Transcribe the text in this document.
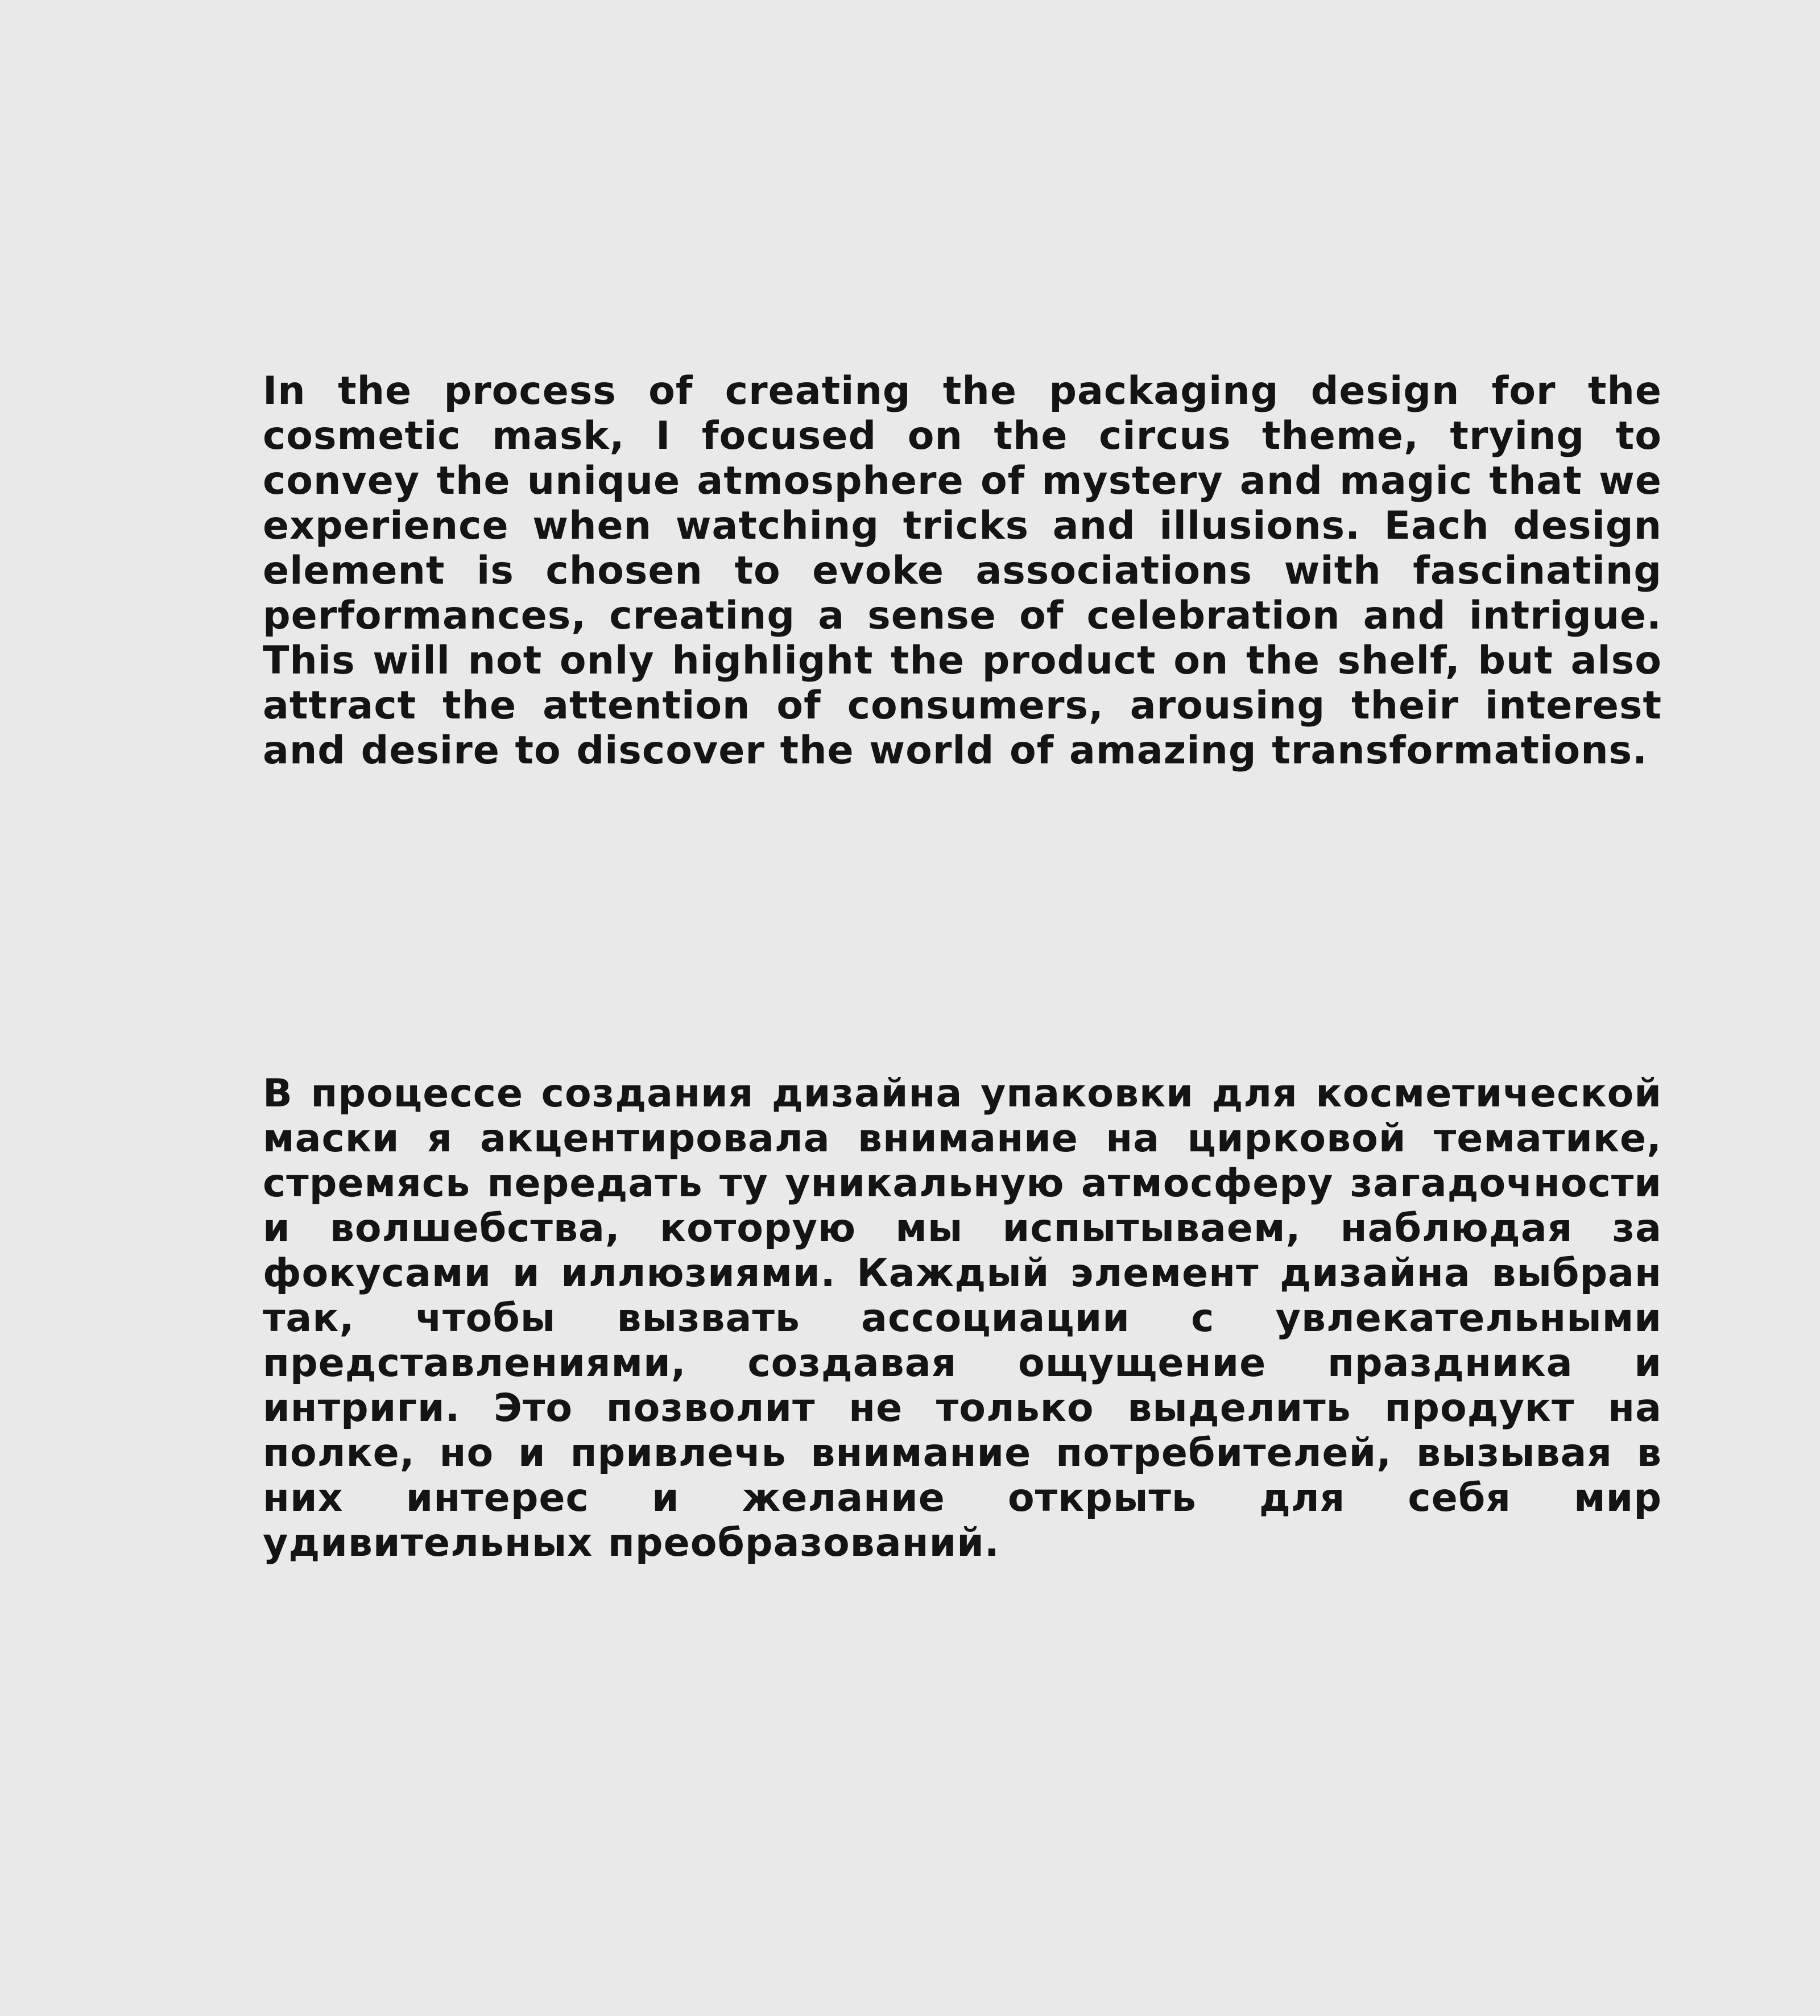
In the process of creating the packaging design for the cosmetic mask, I focused on the circus theme, trying to convey the unique atmosphere of mystery and magic that we experience when watching tricks and illusions. Each design element is chosen to evoke associations with fascinating performances, creating a sense of celebration and intrigue. This will not only highlight the product on the shelf, but also attract the attention of consumers, arousing their interest and desire to discover the world of amazing transformations.

В процессе создания дизайна упаковки для косметической маски я акцентировала внимание на цирковой тематике, стремясь передать ту уникальную атмосферу загадочности и волшебства, которую мы испытываем, наблюдая за фокусами и иллюзиями. Каждый элемент дизайна выбран так, чтобы вызвать ассоциации с увлекательными представлениями, создавая ощущение праздника и интриги. Это позволит не только выделить продукт на полке, но и привлечь внимание потребителей, вызывая в них интерес и желание открыть для себя мир удивительных преобразований.
